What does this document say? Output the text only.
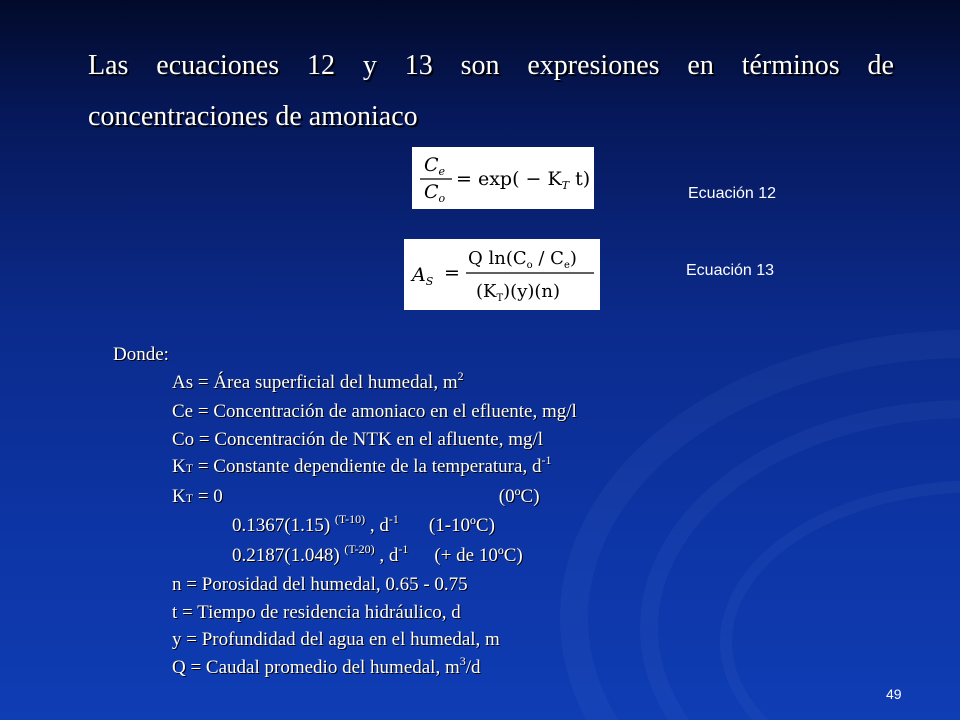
Las ecuaciones 12 y 13 son expresiones en términos de
concentraciones de amoniaco
$C_e$
$C_o$
= $\exp( - K_T$ t)
Ecuación 12
$A_S$ =
Q $\ln(C_o / C_e)$
$(K_T)(y)(n)$
Ecuación 13
Donde:
As = Área superficial del humedal, $m^2$
Ce = Concentración de amoniaco en el efluente, mg/l
Co = Concentración de NTK en el afluente, mg/l
KT = Constante dependiente de la temperatura, $d^{-1}$
KT = 0	(0ºC)
0.1367(1.15) $^{(T-10)}$ , $d^{-1}$ (1-10ºC)
0.2187(1.048) $^{(T-20)}$ , $d^{-1}$ (+ de 10ºC)
n = Porosidad del humedal, 0.65 - 0.75
t = Tiempo de residencia hidráulico, d
y = Profundidad del agua en el humedal, m
Q = Caudal promedio del humedal, $m^3/d$
49
